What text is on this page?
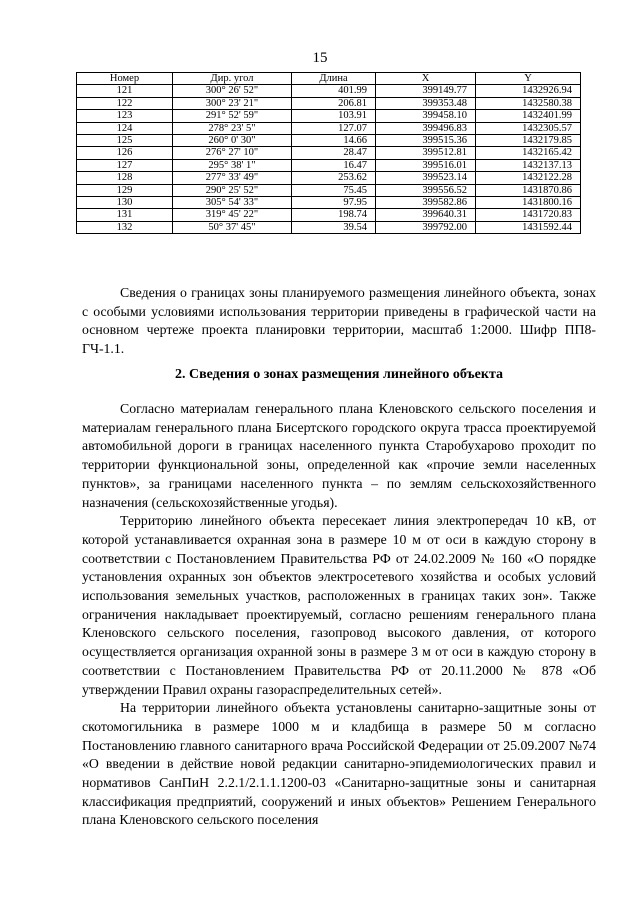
15
Номер	Дир. угол	Длина	X	Y
121	300° 26' 52"	401.99	399149.77	1432926.94
122	300° 23' 21"	206.81	399353.48	1432580.38
123	291° 52' 59"	103.91	399458.10	1432401.99
124	278° 23' 5"	127.07	399496.83	1432305.57
125	260° 0' 30"	14.66	399515.36	1432179.85
126	276° 27' 10"	28.47	399512.81	1432165.42
127	295° 38' 1"	16.47	399516.01	1432137.13
128	277° 33' 49"	253.62	399523.14	1432122.28
129	290° 25' 52"	75.45	399556.52	1431870.86
130	305° 54' 33"	97.95	399582.86	1431800.16
131	319° 45' 22"	198.74	399640.31	1431720.83
132	50° 37' 45"	39.54	399792.00	1431592.44

Сведения о границах зоны планируемого размещения линейного объекта, зонах с особыми условиями использования территории приведены в графической части на основном чертеже проекта планировки территории, масштаб 1:2000. Шифр ПП8-ГЧ-1.1.

2. Сведения о зонах размещения линейного объекта

Согласно материалам генерального плана Кленовского сельского поселения и материалам генерального плана Бисертского городского округа трасса проектируемой автомобильной дороги в границах населенного пункта Старобухарово проходит по территории функциональной зоны, определенной как «прочие земли населенных пунктов», за границами населенного пункта – по землям сельскохозяйственного назначения (сельскохозяйственные угодья).

Территорию линейного объекта пересекает линия электропередач 10 кВ, от которой устанавливается охранная зона в размере 10 м от оси в каждую сторону в соответствии с Постановлением Правительства РФ от 24.02.2009 № 160 «О порядке установления охранных зон объектов электросетевого хозяйства и особых условий использования земельных участков, расположенных в границах таких зон». Также ограничения накладывает проектируемый, согласно решениям генерального плана Кленовского сельского поселения, газопровод высокого давления, от которого осуществляется организация охранной зоны в размере 3 м от оси в каждую сторону в соответствии с Постановлением Правительства РФ от 20.11.2000 № 878 «Об утверждении Правил охраны газораспределительных сетей».

На территории линейного объекта установлены санитарно-защитные зоны от скотомогильника в размере 1000 м и кладбища в размере 50 м согласно Постановлению главного санитарного врача Российской Федерации от 25.09.2007 №74 «О введении в действие новой редакции санитарно-эпидемиологических правил и нормативов СанПиН 2.2.1/2.1.1.1200-03 «Санитарно-защитные зоны и санитарная классификация предприятий, сооружений и иных объектов» Решением Генерального плана Кленовского сельского поселения
